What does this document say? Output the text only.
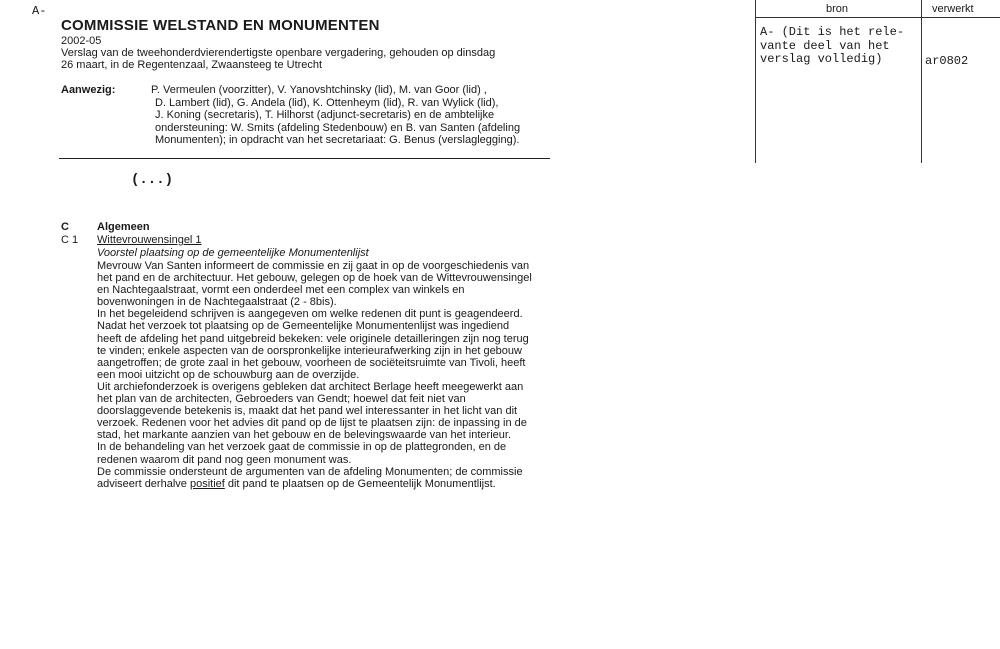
A-
COMMISSIE WELSTAND EN MONUMENTEN
2002-05
Verslag van de tweehonderdvierendertigste openbare vergadering, gehouden op dinsdag
26 maart, in de Regentenzaal, Zwaansteeg te Utrecht
Aanwezig:	P. Vermeulen (voorzitter), V. Yanovshtchinsky (lid), M. van Goor (lid) ,
D. Lambert (lid), G. Andela (lid), K. Ottenheym (lid), R. van Wylick (lid),
J. Koning (secretaris), T. Hilhorst (adjunct-secretaris) en de ambtelijke
ondersteuning: W. Smits (afdeling Stedenbouw) en B. van Santen (afdeling
Monumenten); in opdracht van het secretariaat: G. Benus (verslaglegging).
(...)
C	Algemeen
C 1 Wittevrouwensingel 1
Voorstel plaatsing op de gemeentelijke Monumentenlijst

Mevrouw Van Santen informeert de commissie en zij gaat in op de voorgeschiedenis van

het pand en de architectuur. Het gebouw, gelegen op de hoek van de Wittevrouwensingel

en Nachtegaalstraat, vormt een onderdeel met een complex van winkels en

bovenwoningen in de Nachtegaalstraat (2 - 8bis).

In het begeleidend schrijven is aangegeven om welke redenen dit punt is geagendeerd.

Nadat het verzoek tot plaatsing op de Gemeentelijke Monumentenlijst was ingediend

heeft de afdeling het pand uitgebreid bekeken: vele originele detailleringen zijn nog terug

te vinden; enkele aspecten van de oorspronkelijke interieurafwerking zijn in het gebouw

aangetroffen; de grote zaal in het gebouw, voorheen de sociëteitsruimte van Tivoli, heeft

een mooi uitzicht op de schouwburg aan de overzijde.

Uit archiefonderzoek is overigens gebleken dat architect Berlage heeft meegewerkt aan

het plan van de architecten, Gebroeders van Gendt; hoewel dat feit niet van

doorslaggevende betekenis is, maakt dat het pand wel interessanter in het licht van dit

verzoek. Redenen voor het advies dit pand op de lijst te plaatsen zijn: de inpassing in de

stad, het markante aanzien van het gebouw en de belevingswaarde van het interieur.

In de behandeling van het verzoek gaat de commissie in op de plattegronden, en de

redenen waarom dit pand nog geen monument was.

De commissie ondersteunt de argumenten van de afdeling Monumenten; de commissie

adviseert derhalve positief dit pand te plaatsen op de Gemeentelijk Monumentlijst.

bron	verwerkt
A- (Dit is het rele-
vante deel van het
verslag volledig)	ar0802
